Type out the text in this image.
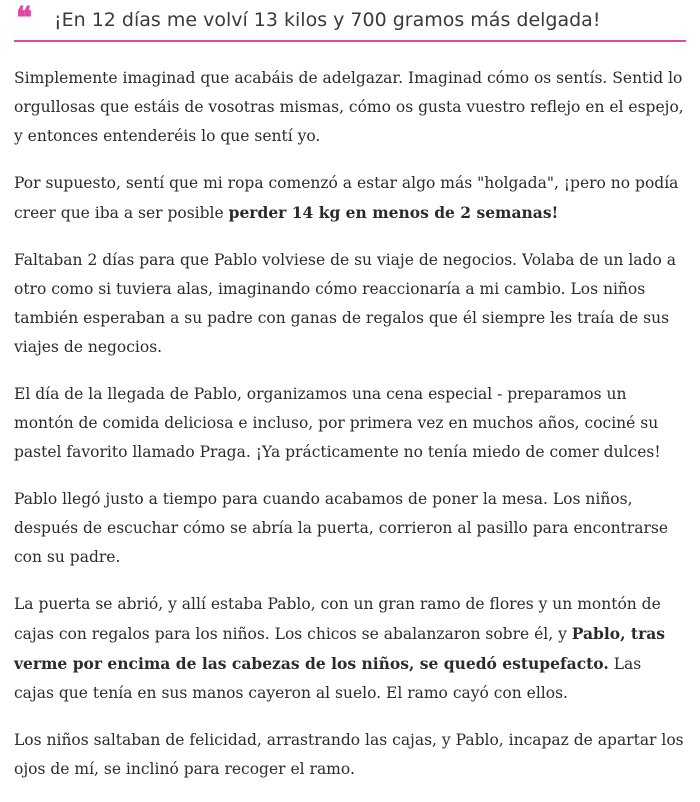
❝ ¡En 12 días me volví 13 kilos y 700 gramos más delgada!

Simplemente imaginad que acabáis de adelgazar. Imaginad cómo os sentís. Sentid lo orgullosas que estáis de vosotras mismas, cómo os gusta vuestro reflejo en el espejo, y entonces entenderéis lo que sentí yo.

Por supuesto, sentí que mi ropa comenzó a estar algo más "holgada", ¡pero no podía creer que iba a ser posible perder 14 kg en menos de 2 semanas!

Faltaban 2 días para que Pablo volviese de su viaje de negocios. Volaba de un lado a otro como si tuviera alas, imaginando cómo reaccionaría a mi cambio. Los niños también esperaban a su padre con ganas de regalos que él siempre les traía de sus viajes de negocios.

El día de la llegada de Pablo, organizamos una cena especial - preparamos un montón de comida deliciosa e incluso, por primera vez en muchos años, cociné su pastel favorito llamado Praga. ¡Ya prácticamente no tenía miedo de comer dulces!

Pablo llegó justo a tiempo para cuando acabamos de poner la mesa. Los niños, después de escuchar cómo se abría la puerta, corrieron al pasillo para encontrarse con su padre.

La puerta se abrió, y allí estaba Pablo, con un gran ramo de flores y un montón de cajas con regalos para los niños. Los chicos se abalanzaron sobre él, y Pablo, tras verme por encima de las cabezas de los niños, se quedó estupefacto. Las cajas que tenía en sus manos cayeron al suelo. El ramo cayó con ellos.

Los niños saltaban de felicidad, arrastrando las cajas, y Pablo, incapaz de apartar los ojos de mí, se inclinó para recoger el ramo.
